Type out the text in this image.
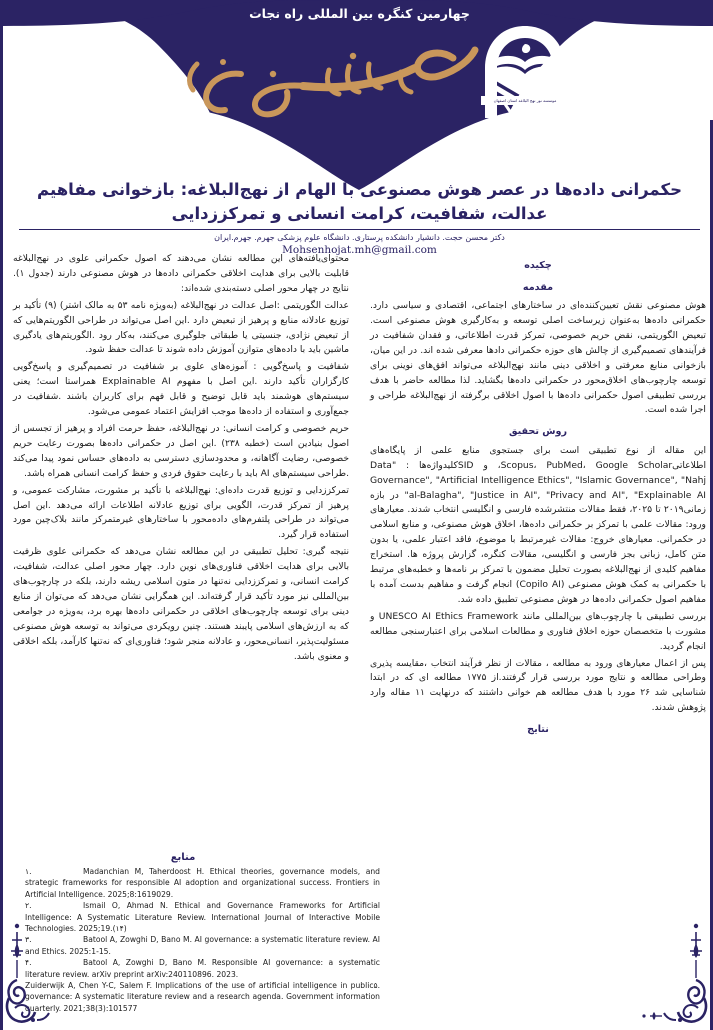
چهارمین کنگره بین المللی راه نجات
موسسه نور نهج البلاغه استان اصفهان
حکمرانی داده‌ها در عصر هوش مصنوعی با الهام از نهج‌البلاغه: بازخوانی مفاهیم عدالت، شفافیت، کرامت انسانی و تمرکززدایی
دکتر محسن حجت. دانشیار دانشکده پرستاری. دانشگاه علوم پزشکی جهرم. جهرم.ایران
Mohsenhojat.mh@gmail.com
چکیده
مقدمه

هوش مصنوعی نقش تعیین‌کننده‌ای در ساختارهای اجتماعی، اقتصادی و سیاسی دارد. حکمرانی داده‌ها به‌عنوان زیرساخت اصلی توسعه و به‌کارگیری هوش مصنوعی است. تبعیض الگوریتمی، نقض حریم خصوصی، تمرکز قدرت اطلاعاتی، و فقدان شفافیت در فرآیندهای تصمیم‌گیری از چالش های حوزه حکمرانی دادها معرفی شده اند. در این میان، بازخوانی منابع معرفتی و اخلاقی دینی مانند نهج‌البلاغه می‌تواند افق‌های نوینی برای توسعه چارچوب‌های اخلاق‌محور در حکمرانی داده‌ها بگشاید. لذا مطالعه حاضر با هدف بررسی تطبیقی اصول حکمرانی داده‌ها با اصول اخلاقی برگرفته از نهج‌البلاغه طراحی و اجرا شده است.

روش تحقیق

این مقاله از نوع تطبیقی است برای جستجوی منابع علمی از پایگاه‌های اطلاعاتیScopus، PubMed، Google Scholar، و SIDکلیدواژه‌ها : "Data Governance", "Artificial Intelligence Ethics", "Islamic Governance", "Nahj al-Balagha", "Justice in AI", "Privacy and AI", "Explainable AI" در بازه زمانی۲۰۱۹ تا ۲۰۲۵، فقط مقالات منتشرشده فارسی و انگلیسی انتخاب شدند. معیارهای ورود: مقالات علمی با تمرکز بر حکمرانی داده‌ها، اخلاق هوش مصنوعی، و منابع اسلامی در حکمرانی. معیارهای خروج: مقالات غیرمرتبط با موضوع، فاقد اعتبار علمی، یا بدون متن کامل، زبانی بجز فارسی و انگلیسی، مقالات کنگره، گزارش پروژه ها. استخراج مفاهیم کلیدی از نهج‌البلاغه بصورت تحلیل مضمون با تمرکز بر نامه‌ها و خطبه‌های مرتبط با حکمرانی به کمک هوش مصنوعی (Copilo AI) انجام گرفت و مفاهیم بدست آمده با مفاهیم اصول حکمرانی داده‌ها در هوش مصنوعی تطبیق داده شد.

بررسی تطبیقی با چارچوب‌های بین‌المللی مانند UNESCO AI Ethics Framework و مشورت با متخصصان حوزه اخلاق فناوری و مطالعات اسلامی برای اعتبارسنجی مطالعه انجام گردید.

پس از اعمال معیارهای ورود به مطالعه ، مقالات از نظر فرآیند انتخاب ،مقایسه پذیری وطراحی مطالعه و نتایج مورد بررسی قرار گرفتند.از ۱۷۷۵ مطالعه ای که در ابتدا شناسایی شد ۲۶ مورد با هدف مطالعه هم خوانی داشتند که درنهایت ۱۱ مقاله وارد پژوهش شدند.

نتایج

محتوای‌یافته‌های این مطالعه نشان می‌دهند که اصول حکمرانی علوی در نهج‌البلاغه قابلیت بالایی برای هدایت اخلاقی حکمرانی داده‌ها در هوش مصنوعی دارند (جدول ۱). نتایج در چهار محور اصلی دسته‌بندی شده‌اند:

عدالت الگوریتمی :اصل عدالت در نهج‌البلاغه (به‌ویژه نامه ۵۳ به مالک اشتر) (۹) تأکید بر توزیع عادلانه منابع و پرهیز از تبعیض دارد .این اصل می‌تواند در طراحی الگوریتم‌هایی که از تبعیض نژادی، جنسیتی یا طبقاتی جلوگیری می‌کنند، به‌کار رود .الگوریتم‌های یادگیری ماشین باید با داده‌های متوازن آموزش داده شوند تا عدالت حفظ شود.

شفافیت و پاسخ‌گویی : آموزه‌های علوی بر شفافیت در تصمیم‌گیری و پاسخ‌گویی کارگزاران تأکید دارند .این اصل با مفهوم Explainable AI همراستا است؛ یعنی سیستم‌های هوشمند باید قابل توضیح و قابل فهم برای کاربران باشند .شفافیت در جمع‌آوری و استفاده از داده‌ها موجب افزایش اعتماد عمومی می‌شود.

حریم خصوصی و کرامت انسانی: در نهج‌البلاغه، حفظ حرمت افراد و پرهیز از تجسس از اصول بنیادین است (خطبه ۲۳۸) .این اصل در حکمرانی داده‌ها بصورت رعایت حریم خصوصی، رضایت آگاهانه، و محدودسازی دسترسی به داده‌های حساس نمود پیدا می‌کند .طراحی سیستم‌های AI باید با رعایت حقوق فردی و حفظ کرامت انسانی همراه باشد.

تمرکززدایی و توزیع قدرت داده‌ای: نهج‌البلاغه با تأکید بر مشورت، مشارکت عمومی، و پرهیز از تمرکز قدرت، الگویی برای توزیع عادلانه اطلاعات ارائه می‌دهد .این اصل می‌تواند در طراحی پلتفرم‌های داده‌محور با ساختارهای غیرمتمرکز مانند بلاک‌چین مورد استفاده قرار گیرد.

نتیجه گیری: تحلیل تطبیقی در این مطالعه نشان می‌دهد که حکمرانی علوی ظرفیت بالایی برای هدایت اخلاقی فناوری‌های نوین دارد. چهار محور اصلی عدالت، شفافیت، کرامت انسانی، و تمرکززدایی نه‌تنها در متون اسلامی ریشه دارند، بلکه در چارچوب‌های بین‌المللی نیز مورد تأکید قرار گرفته‌اند. این همگرایی نشان می‌دهد که می‌توان از منابع دینی برای توسعه چارچوب‌های اخلاقی در حکمرانی داده‌ها بهره برد، به‌ویژه در جوامعی که به ارزش‌های اسلامی پایبند هستند. چنین رویکردی می‌تواند به توسعه هوش مصنوعی مسئولیت‌پذیر، انسانی‌محور، و عادلانه منجر شود؛ فناوری‌ای که نه‌تنها کارآمد، بلکه اخلاقی و معنوی باشد.

منابع
۱.	Madanchian M, Taherdoost H. Ethical theories, governance models, and strategic frameworks for responsible AI adoption and organizational success. Frontiers in Artificial Intelligence. 2025;8:1619029.
۲.	Ismail O, Ahmad N. Ethical and Governance Frameworks for Artificial Intelligence: A Systematic Literature Review. International Journal of Interactive Mobile Technologies. 2025;19.(۱۴)
۳.	Batool A, Zowghi D, Bano M. AI governance: a systematic literature review. AI and Ethics. 2025:1-15.
۴.	Batool A, Zowghi D, Bano M. Responsible AI governance: a systematic literature review. arXiv preprint arXiv:240110896. 2023.
۵.
Zuiderwijk A, Chen Y-C, Salem F. Implications of the use of artificial intelligence in public governance: A systematic literature review and a research agenda. Government information quarterly. 2021;38(3):101577
